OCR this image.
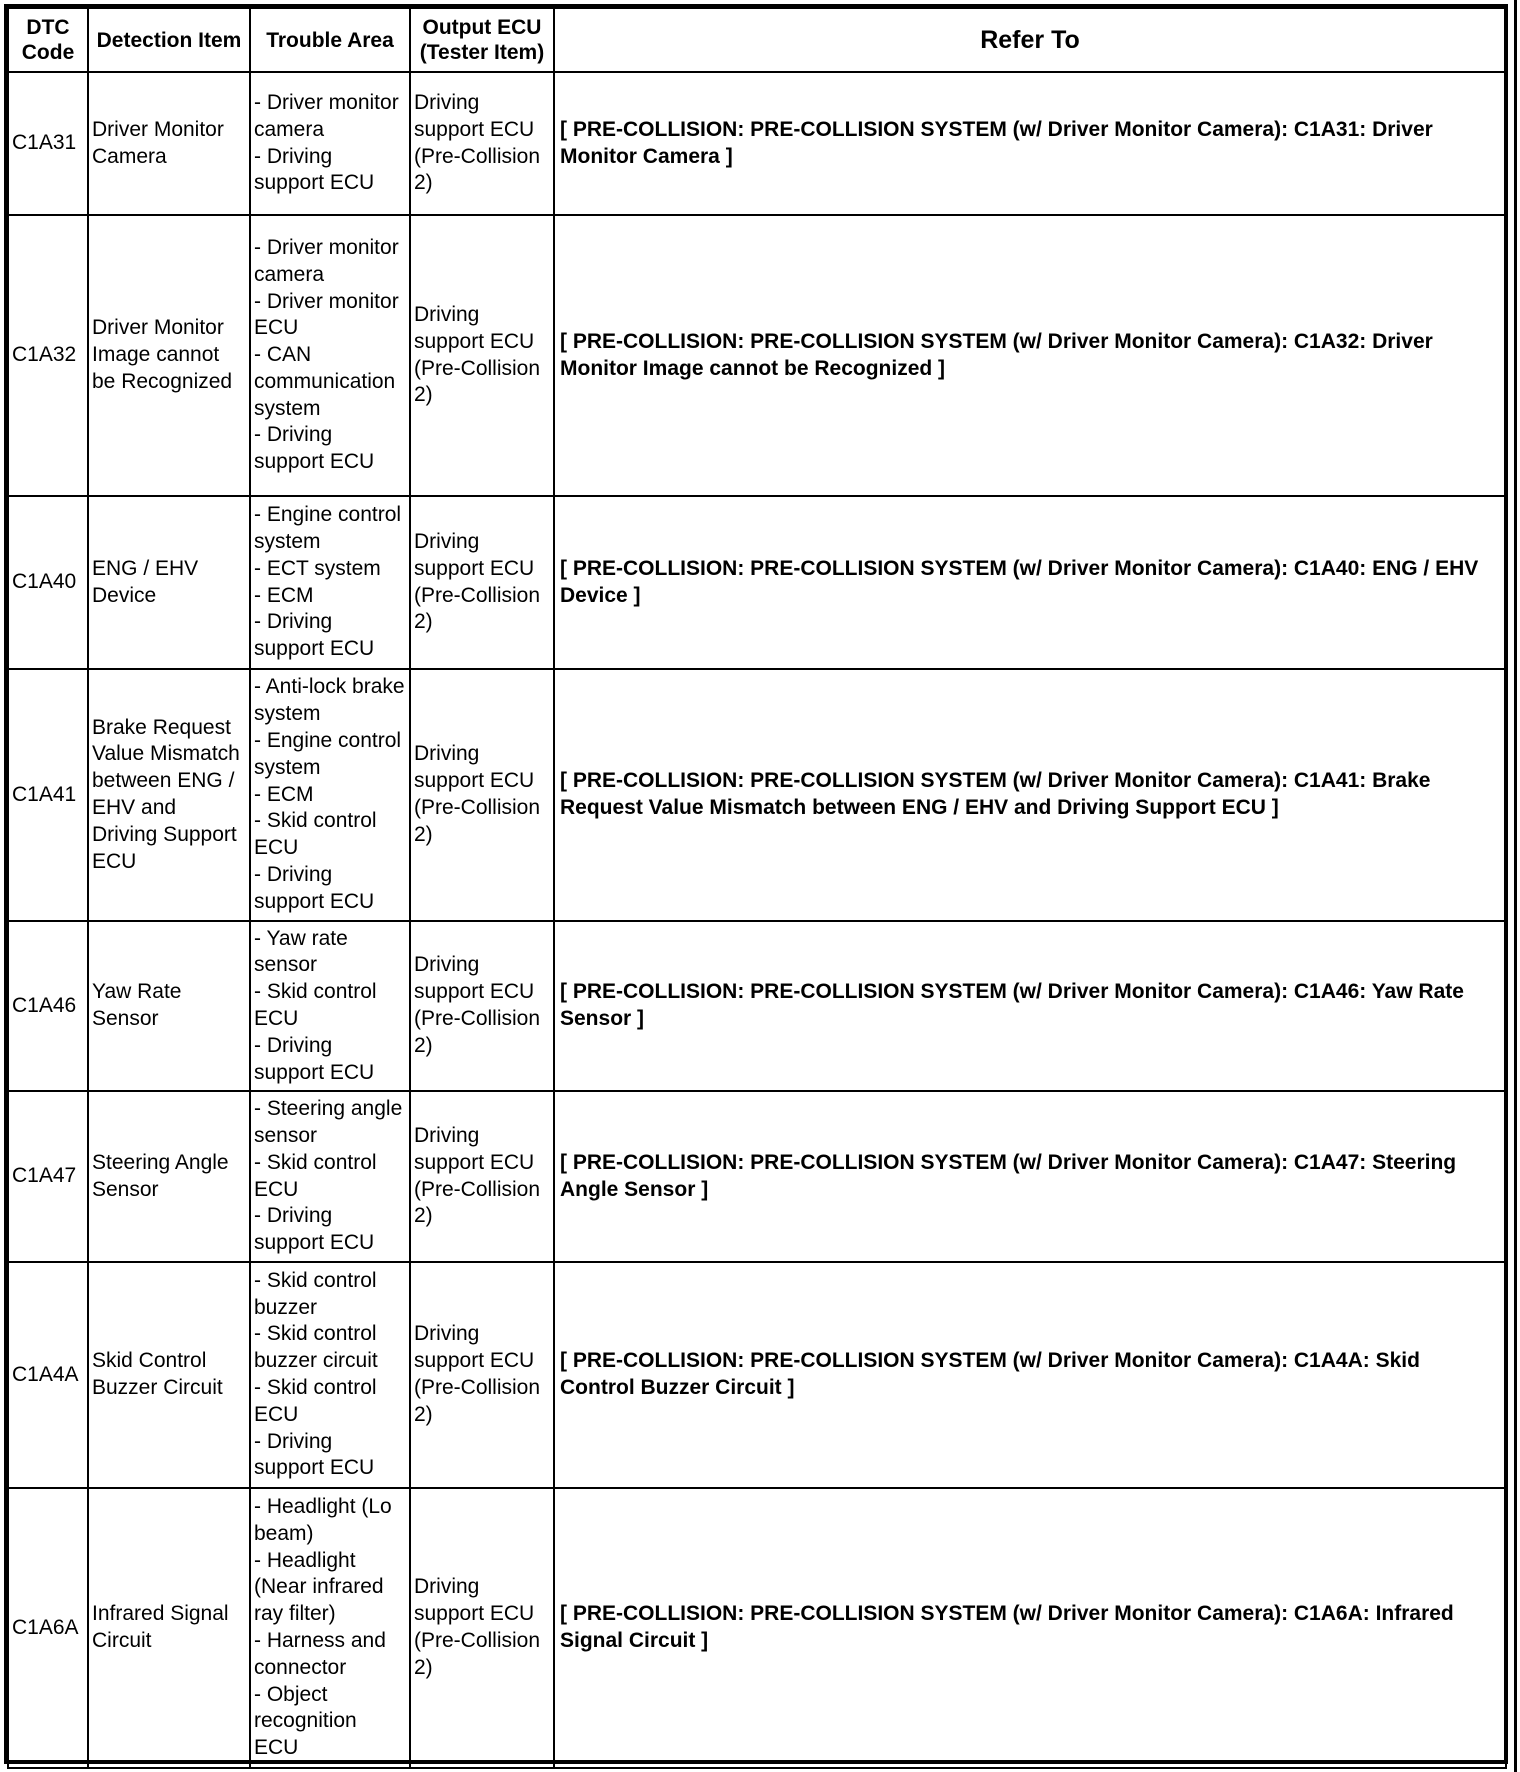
DTC Code	Detection Item	Trouble Area	Output ECU (Tester Item)	Refer To
C1A31	Driver Monitor Camera	- Driver monitor camera
- Driving support ECU	Driving support ECU (Pre-Collision 2)	[ PRE-COLLISION: PRE-COLLISION SYSTEM (w/ Driver Monitor Camera): C1A31: Driver Monitor Camera ]
C1A32	Driver Monitor Image cannot be Recognized	- Driver monitor camera
- Driver monitor ECU
- CAN communication system
- Driving support ECU	Driving support ECU (Pre-Collision 2)	[ PRE-COLLISION: PRE-COLLISION SYSTEM (w/ Driver Monitor Camera): C1A32: Driver Monitor Image cannot be Recognized ]
C1A40	ENG / EHV Device	- Engine control system
- ECT system
- ECM
- Driving support ECU	Driving support ECU (Pre-Collision 2)	[ PRE-COLLISION: PRE-COLLISION SYSTEM (w/ Driver Monitor Camera): C1A40: ENG / EHV Device ]
C1A41	Brake Request Value Mismatch between ENG / EHV and Driving Support ECU	- Anti-lock brake system
- Engine control system
- ECM
- Skid control ECU
- Driving support ECU	Driving support ECU (Pre-Collision 2)	[ PRE-COLLISION: PRE-COLLISION SYSTEM (w/ Driver Monitor Camera): C1A41: Brake Request Value Mismatch between ENG / EHV and Driving Support ECU ]
C1A46	Yaw Rate Sensor	- Yaw rate sensor
- Skid control ECU
- Driving support ECU	Driving support ECU (Pre-Collision 2)	[ PRE-COLLISION: PRE-COLLISION SYSTEM (w/ Driver Monitor Camera): C1A46: Yaw Rate Sensor ]
C1A47	Steering Angle Sensor	- Steering angle sensor
- Skid control ECU
- Driving support ECU	Driving support ECU (Pre-Collision 2)	[ PRE-COLLISION: PRE-COLLISION SYSTEM (w/ Driver Monitor Camera): C1A47: Steering Angle Sensor ]
C1A4A	Skid Control Buzzer Circuit	- Skid control buzzer
- Skid control buzzer circuit
- Skid control ECU
- Driving support ECU	Driving support ECU (Pre-Collision 2)	[ PRE-COLLISION: PRE-COLLISION SYSTEM (w/ Driver Monitor Camera): C1A4A: Skid Control Buzzer Circuit ]
C1A6A	Infrared Signal Circuit	- Headlight (Lo beam)
- Headlight (Near infrared ray filter)
- Harness and connector
- Object recognition ECU	Driving support ECU (Pre-Collision 2)	[ PRE-COLLISION: PRE-COLLISION SYSTEM (w/ Driver Monitor Camera): C1A6A: Infrared Signal Circuit ]
